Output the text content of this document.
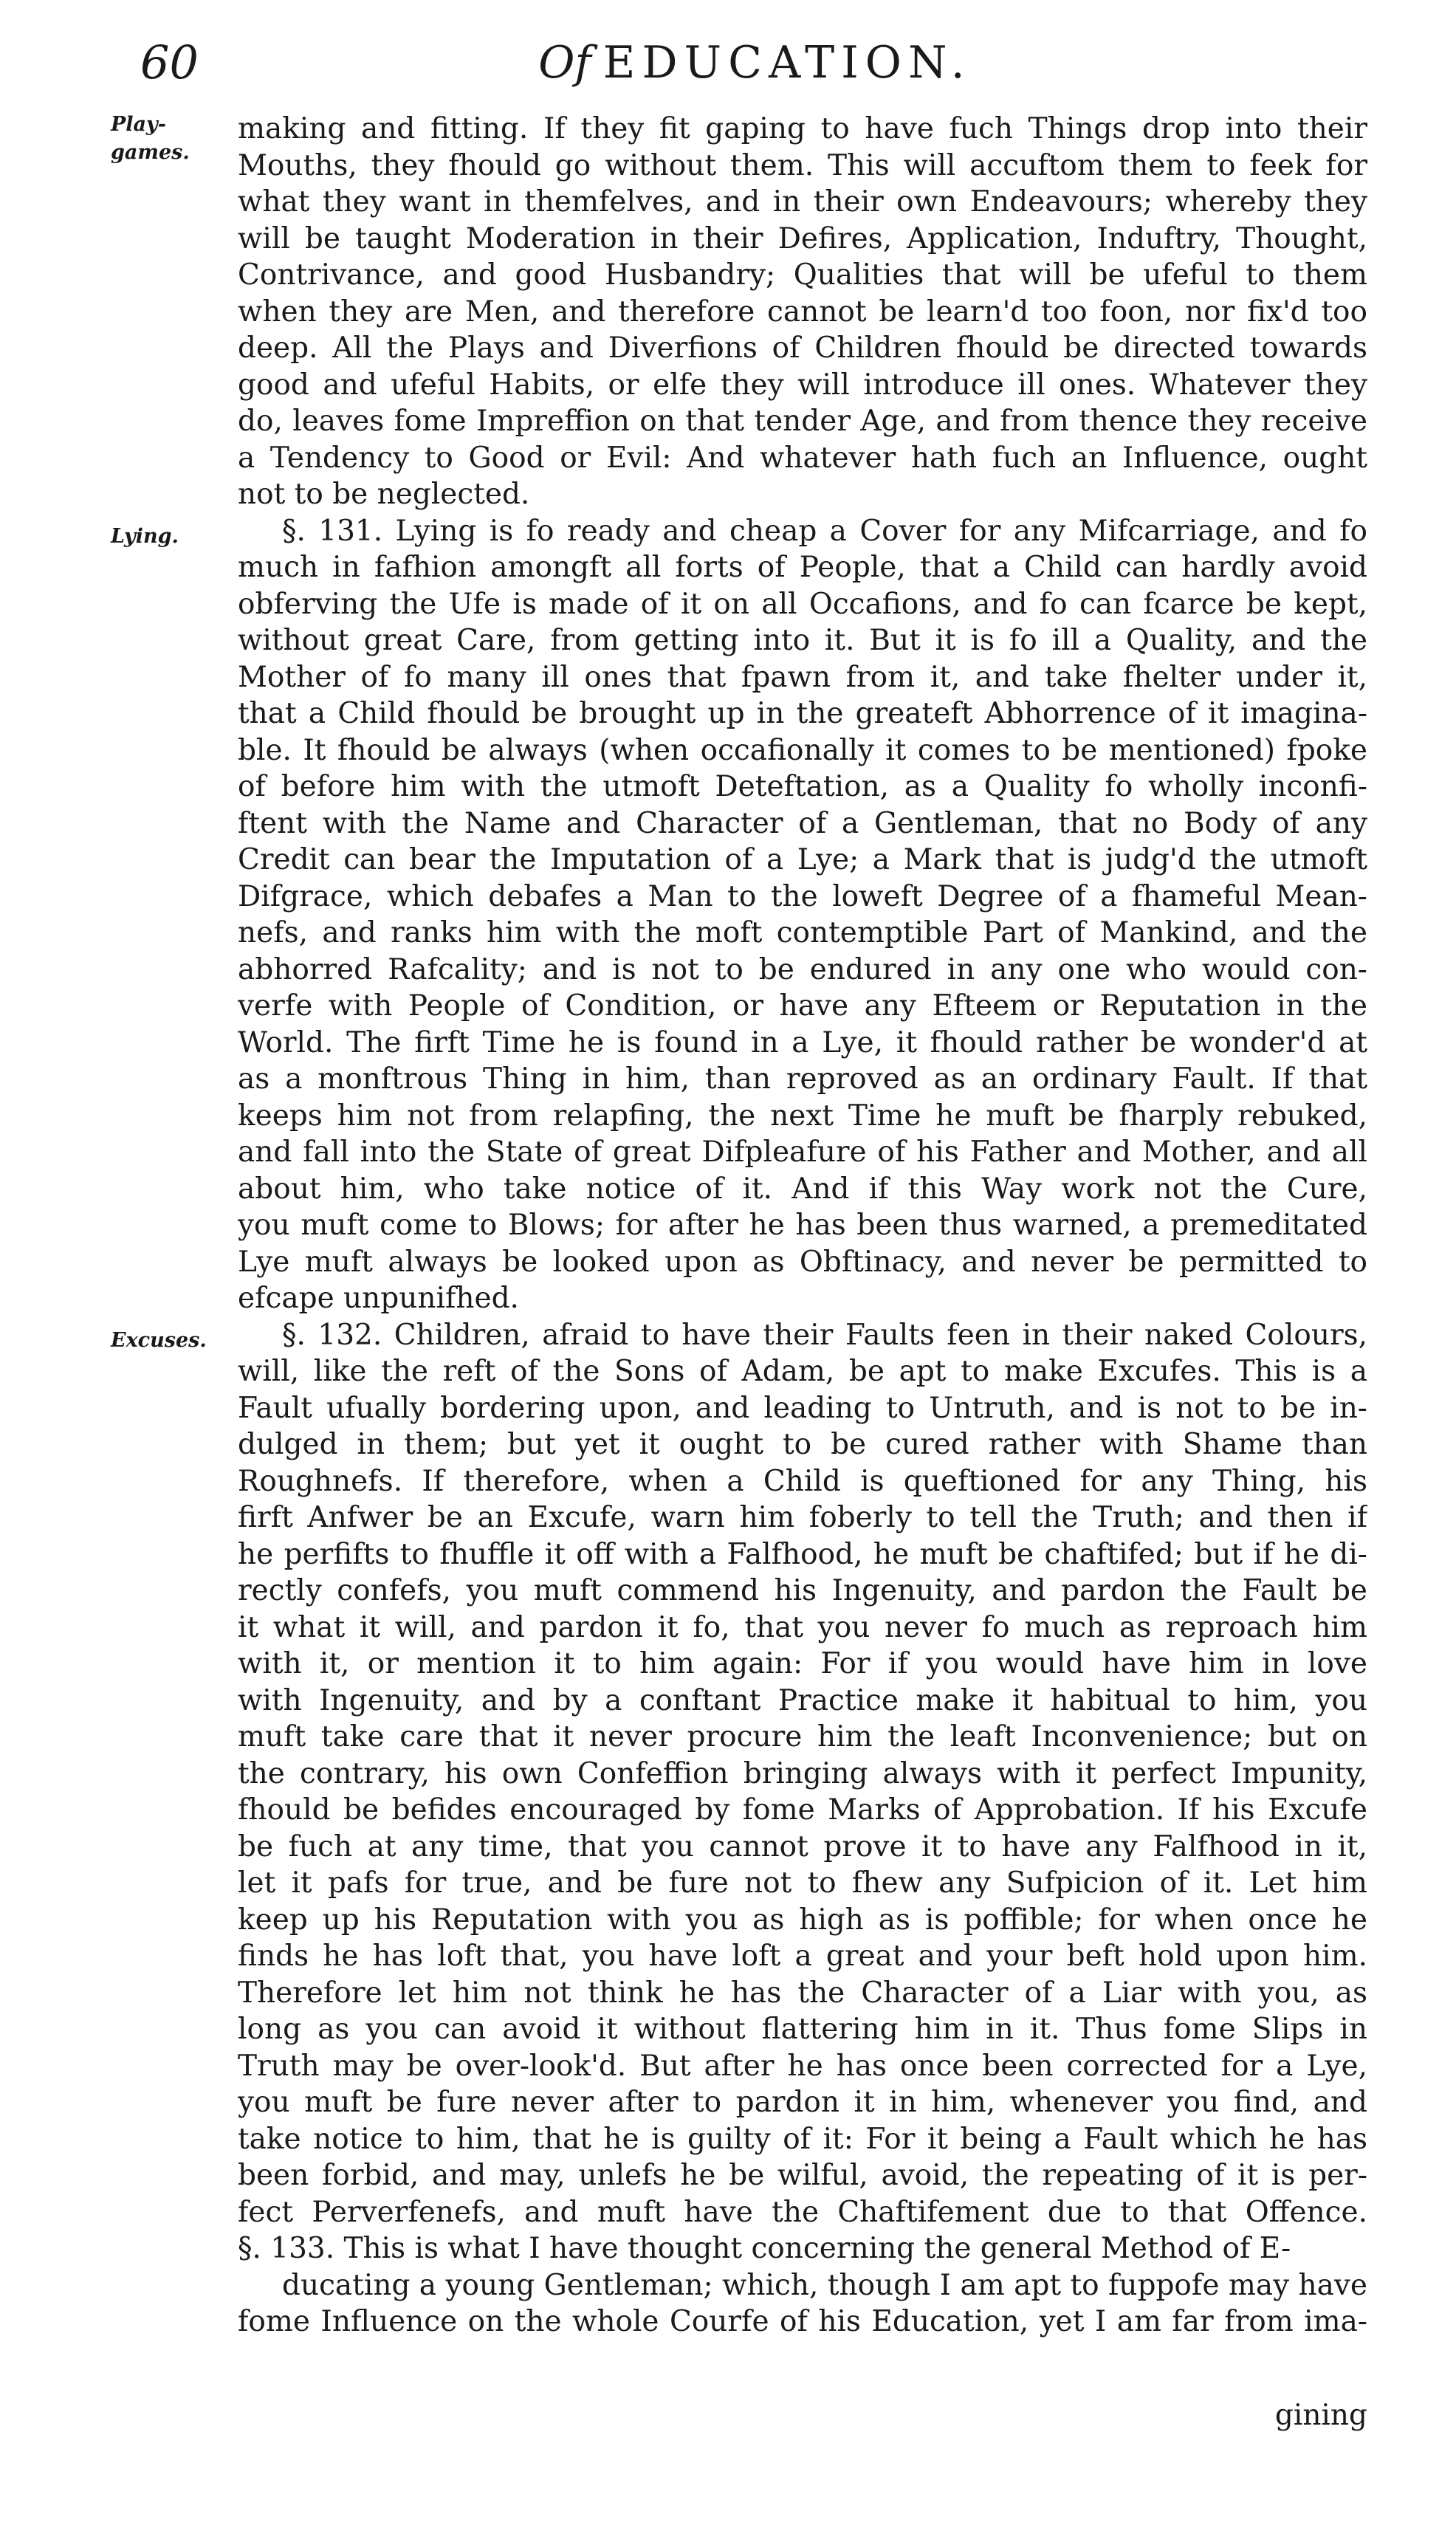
60	Of EDUCATION.
Play-
games.
Lying.
Excuses.
making and fitting. If they fit gaping to have fuch Things drop into their
Mouths, they fhould go without them. This will accuftom them to feek for
what they want in themfelves, and in their own Endeavours; whereby they
will be taught Moderation in their Defires, Application, Induftry, Thought,
Contrivance, and good Husbandry; Qualities that will be ufeful to them
when they are Men, and therefore cannot be learn'd too foon, nor fix'd too
deep. All the Plays and Diverfions of Children fhould be directed towards
good and ufeful Habits, or elfe they will introduce ill ones. Whatever they
do, leaves fome Impreffion on that tender Age, and from thence they receive
a Tendency to Good or Evil: And whatever hath fuch an Influence, ought
not to be neglected.
§. 131. Lying is fo ready and cheap a Cover for any Mifcarriage, and fo
much in fafhion amongft all forts of People, that a Child can hardly avoid
obferving the Ufe is made of it on all Occafions, and fo can fcarce be kept,
without great Care, from getting into it. But it is fo ill a Quality, and the
Mother of fo many ill ones that fpawn from it, and take fhelter under it,
that a Child fhould be brought up in the greateft Abhorrence of it imagina-
ble. It fhould be always (when occafionally it comes to be mentioned) fpoke
of before him with the utmoft Deteftation, as a Quality fo wholly inconfi-
ftent with the Name and Character of a Gentleman, that no Body of any
Credit can bear the Imputation of a Lye; a Mark that is judg'd the utmoft
Difgrace, which debafes a Man to the loweft Degree of a fhameful Mean-
nefs, and ranks him with the moft contemptible Part of Mankind, and the
abhorred Rafcality; and is not to be endured in any one who would con-
verfe with People of Condition, or have any Efteem or Reputation in the
World. The firft Time he is found in a Lye, it fhould rather be wonder'd at
as a monftrous Thing in him, than reproved as an ordinary Fault. If that
keeps him not from relapfing, the next Time he muft be fharply rebuked,
and fall into the State of great Difpleafure of his Father and Mother, and all
about him, who take notice of it. And if this Way work not the Cure,
you muft come to Blows; for after he has been thus warned, a premeditated
Lye muft always be looked upon as Obftinacy, and never be permitted to
efcape unpunifhed.
§. 132. Children, afraid to have their Faults feen in their naked Colours,
will, like the reft of the Sons of Adam, be apt to make Excufes. This is a
Fault ufually bordering upon, and leading to Untruth, and is not to be in-
dulged in them; but yet it ought to be cured rather with Shame than
Roughnefs. If therefore, when a Child is queftioned for any Thing, his
firft Anfwer be an Excufe, warn him foberly to tell the Truth; and then if
he perfifts to fhuffle it off with a Falfhood, he muft be chaftifed; but if he di-
rectly confefs, you muft commend his Ingenuity, and pardon the Fault be
it what it will, and pardon it fo, that you never fo much as reproach him
with it, or mention it to him again: For if you would have him in love
with Ingenuity, and by a conftant Practice make it habitual to him, you
muft take care that it never procure him the leaft Inconvenience; but on
the contrary, his own Confeffion bringing always with it perfect Impunity,
fhould be befides encouraged by fome Marks of Approbation. If his Excufe
be fuch at any time, that you cannot prove it to have any Falfhood in it,
let it pafs for true, and be fure not to fhew any Sufpicion of it. Let him
keep up his Reputation with you as high as is poffible; for when once he
finds he has loft that, you have loft a great and your beft hold upon him.
Therefore let him not think he has the Character of a Liar with you, as
long as you can avoid it without flattering him in it. Thus fome Slips in
Truth may be over-look'd. But after he has once been corrected for a Lye,
you muft be fure never after to pardon it in him, whenever you find, and
take notice to him, that he is guilty of it: For it being a Fault which he has
been forbid, and may, unlefs he be wilful, avoid, the repeating of it is per-
fect Perverfenefs, and muft have the Chaftifement due to that Offence.
§. 133. This is what I have thought concerning the general Method of E-
ducating a young Gentleman; which, though I am apt to fuppofe may have
fome Influence on the whole Courfe of his Education, yet I am far from ima-
gining
